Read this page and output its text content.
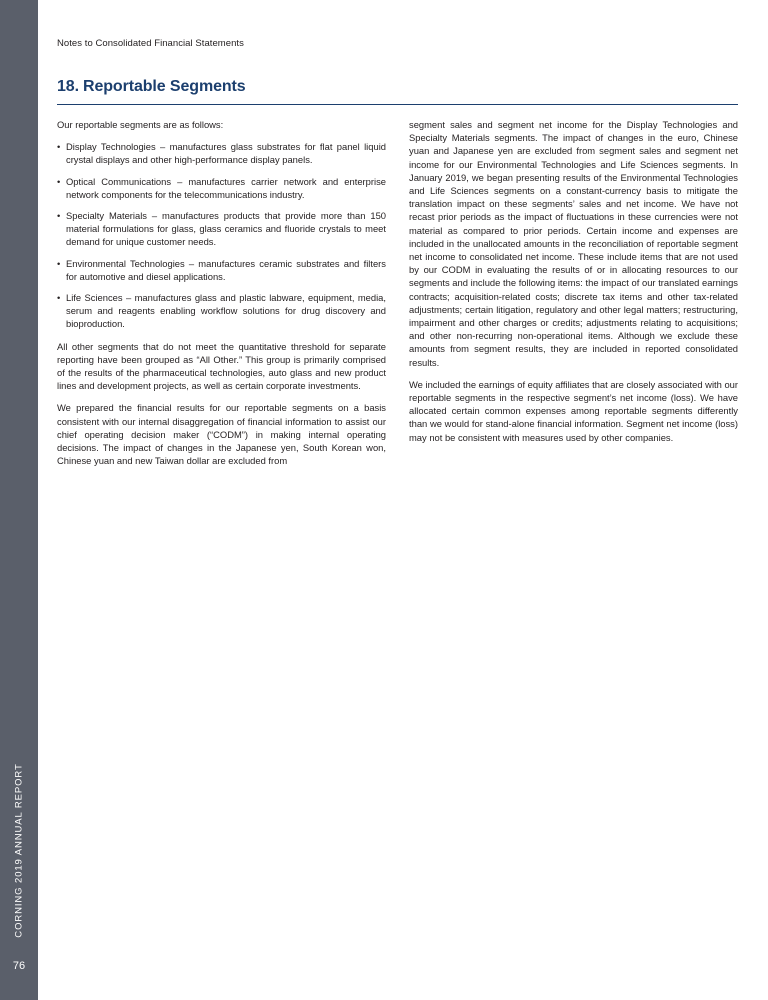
CORNING 2019 ANNUAL REPORT
76
Notes to Consolidated Financial Statements
18. Reportable Segments

Our reportable segments are as follows:

• Display Technologies – manufactures glass substrates for flat panel liquid crystal displays and other high-performance display panels.
• Optical Communications – manufactures carrier network and enterprise network components for the telecommunications industry.
• Specialty Materials – manufactures products that provide more than 150 material formulations for glass, glass ceramics and fluoride crystals to meet demand for unique customer needs.
• Environmental Technologies – manufactures ceramic substrates and filters for automotive and diesel applications.
• Life Sciences – manufactures glass and plastic labware, equipment, media, serum and reagents enabling workflow solutions for drug discovery and bioproduction.

All other segments that do not meet the quantitative threshold for separate reporting have been grouped as “All Other.” This group is primarily comprised of the results of the pharmaceutical technologies, auto glass and new product lines and development projects, as well as certain corporate investments.

We prepared the financial results for our reportable segments on a basis consistent with our internal disaggregation of financial information to assist our chief operating decision maker (“CODM”) in making internal operating decisions. The impact of changes in the Japanese yen, South Korean won, Chinese yuan and new Taiwan dollar are excluded from

segment sales and segment net income for the Display Technologies and Specialty Materials segments. The impact of changes in the euro, Chinese yuan and Japanese yen are excluded from segment sales and segment net income for our Environmental Technologies and Life Sciences segments. In January 2019, we began presenting results of the Environmental Technologies and Life Sciences segments on a constant-currency basis to mitigate the translation impact on these segments’ sales and net income. We have not recast prior periods as the impact of fluctuations in these currencies were not material as compared to prior periods. Certain income and expenses are included in the unallocated amounts in the reconciliation of reportable segment net income to consolidated net income. These include items that are not used by our CODM in evaluating the results of or in allocating resources to our segments and include the following items: the impact of our translated earnings contracts; acquisition-related costs; discrete tax items and other tax-related adjustments; certain litigation, regulatory and other legal matters; restructuring, impairment and other charges or credits; adjustments relating to acquisitions; and other non-recurring non-operational items. Although we exclude these amounts from segment results, they are included in reported consolidated results.

We included the earnings of equity affiliates that are closely associated with our reportable segments in the respective segment’s net income (loss). We have allocated certain common expenses among reportable segments differently than we would for stand-alone financial information. Segment net income (loss) may not be consistent with measures used by other companies.
